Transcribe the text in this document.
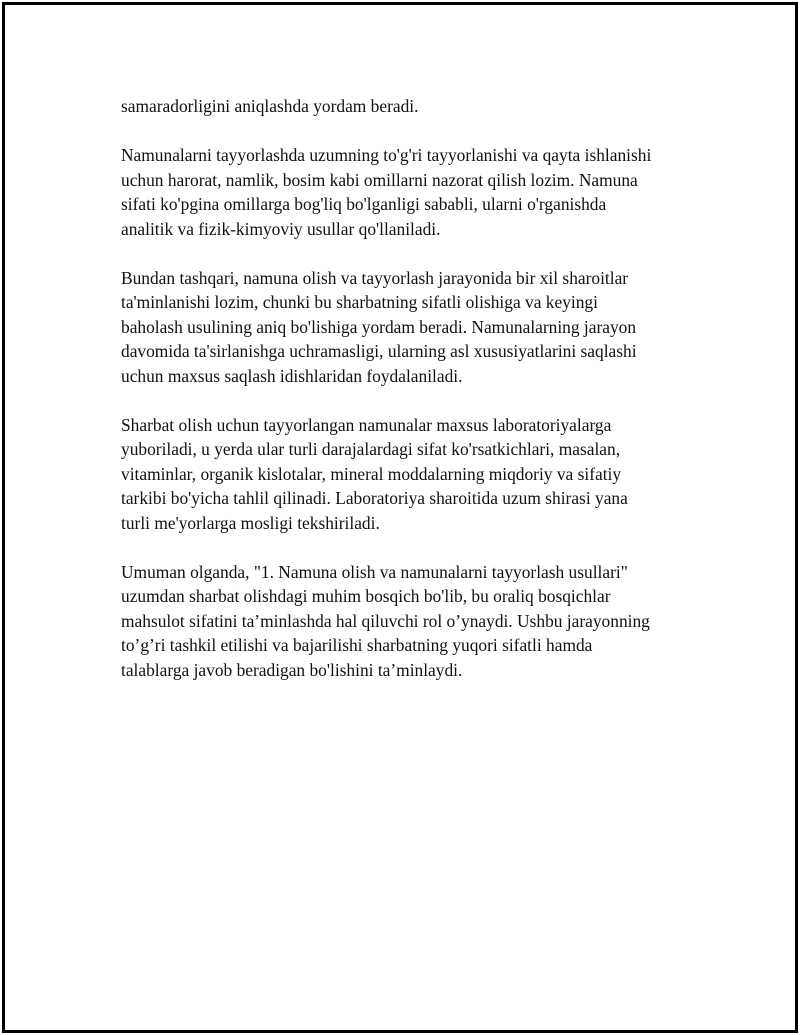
samaradorligini aniqlashda yordam beradi.

Namunalarni tayyorlashda uzumning to'g'ri tayyorlanishi va qayta ishlanishi
uchun harorat, namlik, bosim kabi omillarni nazorat qilish lozim. Namuna
sifati ko'pgina omillarga bog'liq bo'lganligi sababli, ularni o'rganishda
analitik va fizik-kimyoviy usullar qo'llaniladi.

Bundan tashqari, namuna olish va tayyorlash jarayonida bir xil sharoitlar
ta'minlanishi lozim, chunki bu sharbatning sifatli olishiga va keyingi
baholash usulining aniq bo'lishiga yordam beradi. Namunalarning jarayon
davomida ta'sirlanishga uchramasligi, ularning asl xususiyatlarini saqlashi
uchun maxsus saqlash idishlaridan foydalaniladi.

Sharbat olish uchun tayyorlangan namunalar maxsus laboratoriyalarga
yuboriladi, u yerda ular turli darajalardagi sifat ko'rsatkichlari, masalan,
vitaminlar, organik kislotalar, mineral moddalarning miqdoriy va sifatiy
tarkibi bo'yicha tahlil qilinadi. Laboratoriya sharoitida uzum shirasi yana
turli me'yorlarga mosligi tekshiriladi.

Umuman olganda, "1. Namuna olish va namunalarni tayyorlash usullari"
uzumdan sharbat olishdagi muhim bosqich bo'lib, bu oraliq bosqichlar
mahsulot sifatini ta’minlashda hal qiluvchi rol o’ynaydi. Ushbu jarayonning
to’g’ri tashkil etilishi va bajarilishi sharbatning yuqori sifatli hamda
talablarga javob beradigan bo'lishini ta’minlaydi.
